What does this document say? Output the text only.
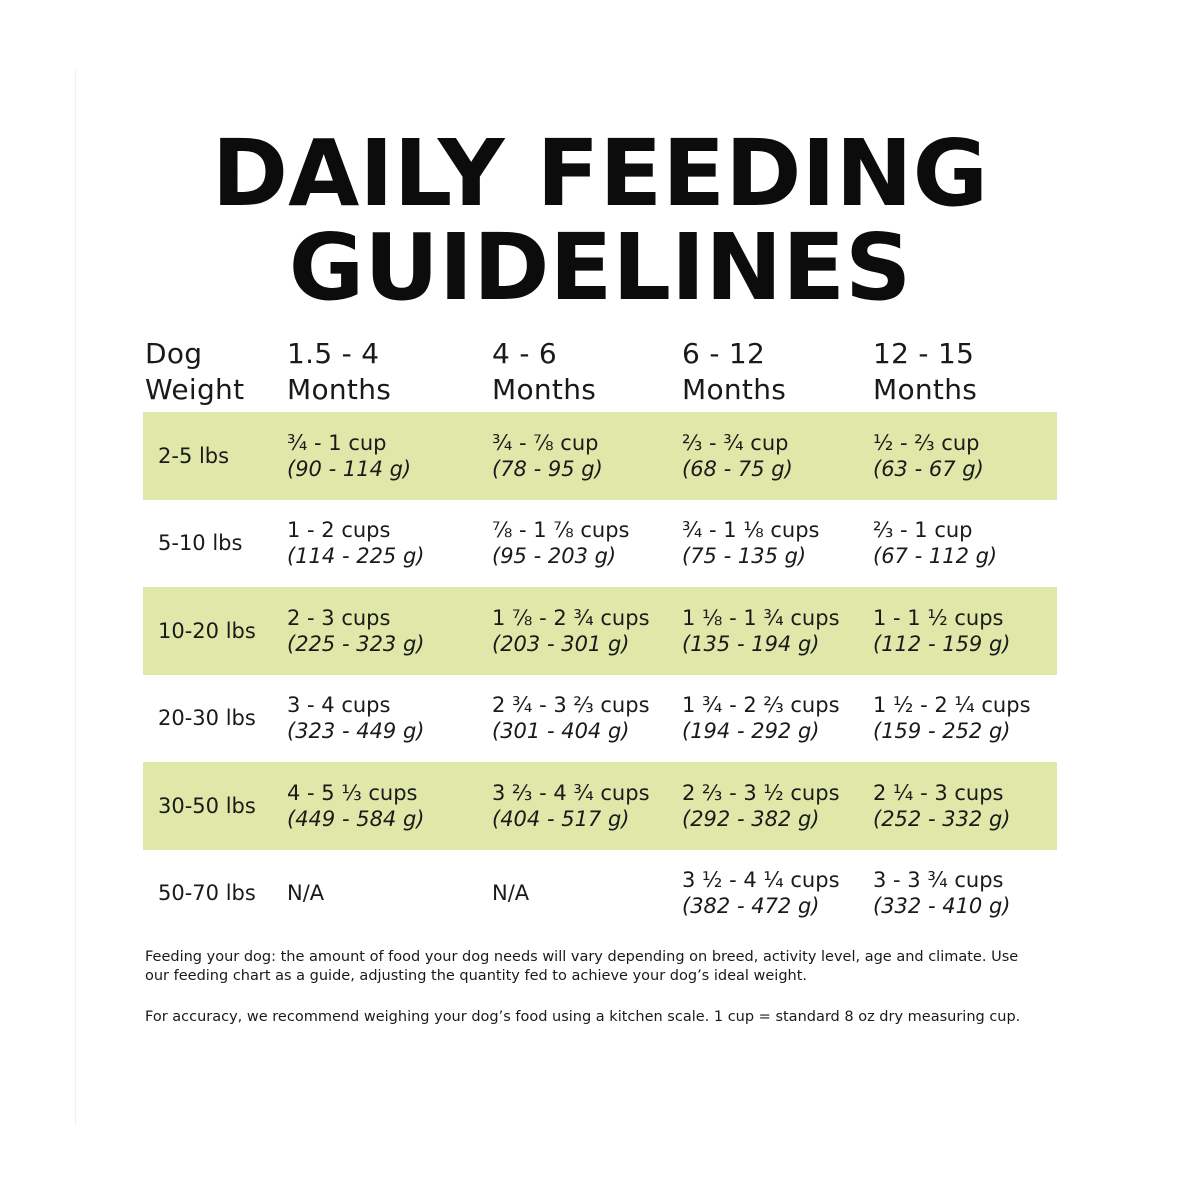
DAILY FEEDING
GUIDELINES
Dog
Weight
1.5 - 4
Months
4 - 6
Months
6 - 12
Months
12 - 15
Months
2-5 lbs
¾ - 1 cup
(90 - 114 g)
¾ - ⅞ cup
(78 - 95 g)
⅔ - ¾ cup
(68 - 75 g)
½ - ⅔ cup
(63 - 67 g)
5-10 lbs
1 - 2 cups
(114 - 225 g)
⅞ - 1 ⅞ cups
(95 - 203 g)
¾ - 1 ⅛ cups
(75 - 135 g)
⅔ - 1 cup
(67 - 112 g)
10-20 lbs
2 - 3 cups
(225 - 323 g)
1 ⅞ - 2 ¾ cups
(203 - 301 g)
1 ⅛ - 1 ¾ cups
(135 - 194 g)
1 - 1 ½ cups
(112 - 159 g)
20-30 lbs
3 - 4 cups
(323 - 449 g)
2 ¾ - 3 ⅔ cups
(301 - 404 g)
1 ¾ - 2 ⅔ cups
(194 - 292 g)
1 ½ - 2 ¼ cups
(159 - 252 g)
30-50 lbs
4 - 5 ⅓ cups
(449 - 584 g)
3 ⅔ - 4 ¾ cups
(404 - 517 g)
2 ⅔ - 3 ½ cups
(292 - 382 g)
2 ¼ - 3 cups
(252 - 332 g)
50-70 lbs N/A	N/A
3 ½ - 4 ¼ cups
(382 - 472 g)
3 - 3 ¾ cups
(332 - 410 g)

Feeding your dog: the amount of food your dog needs will vary depending on breed, activity level, age and climate. Use our feeding chart as a guide, adjusting the quantity fed to achieve your dog’s ideal weight.

For accuracy, we recommend weighing your dog’s food using a kitchen scale. 1 cup = standard 8 oz dry measuring cup.
